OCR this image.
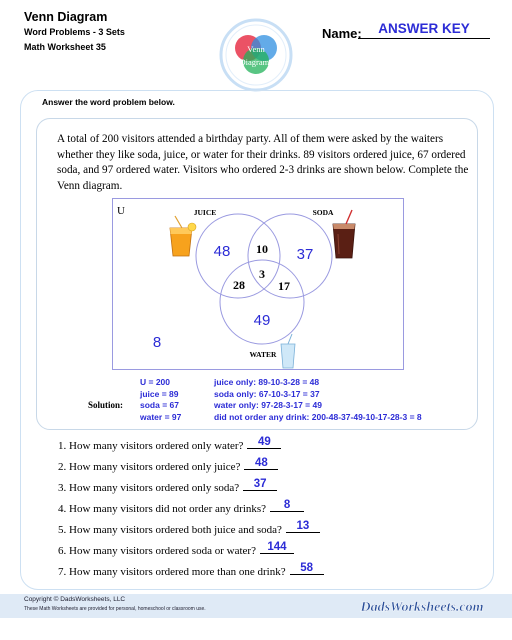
Venn Diagram
Word Problems - 3 Sets
Math Worksheet 35	Venn
Diagrams
Name:	ANSWER KEY
Answer the word problem below.
A total of 200 visitors attended a birthday party. All of them were asked by the waiters whether they like soda, juice, or water for their drinks. 89 visitors ordered juice, 67 ordered soda, and 97 ordered water. Visitors who ordered 2-3 drinks are shown below. Complete the Venn diagram.
U	JUICE	SODA
WATER
48	37
49
10
28	17
3
8
Solution:
U = 200
juice = 89
soda = 67
water = 97
juice only: 89-10-3-28 = 48
soda only: 67-10-3-17 = 37
water only: 97-28-3-17 = 49
did not order any drink: 200-48-37-49-10-17-28-3 = 8
1. How many visitors ordered only water? 49
2. How many visitors ordered only juice? 48
3. How many visitors ordered only soda? 37
4. How many visitors did not order any drinks? 8
5. How many visitors ordered both juice and soda? 13
6. How many visitors ordered soda or water? 144
7. How many visitors ordered more than one drink? 58
Copyright © DadsWorksheets, LLC
These Math Worksheets are provided for personal, homeschool or classroom use.	DadsWorksheets.com
